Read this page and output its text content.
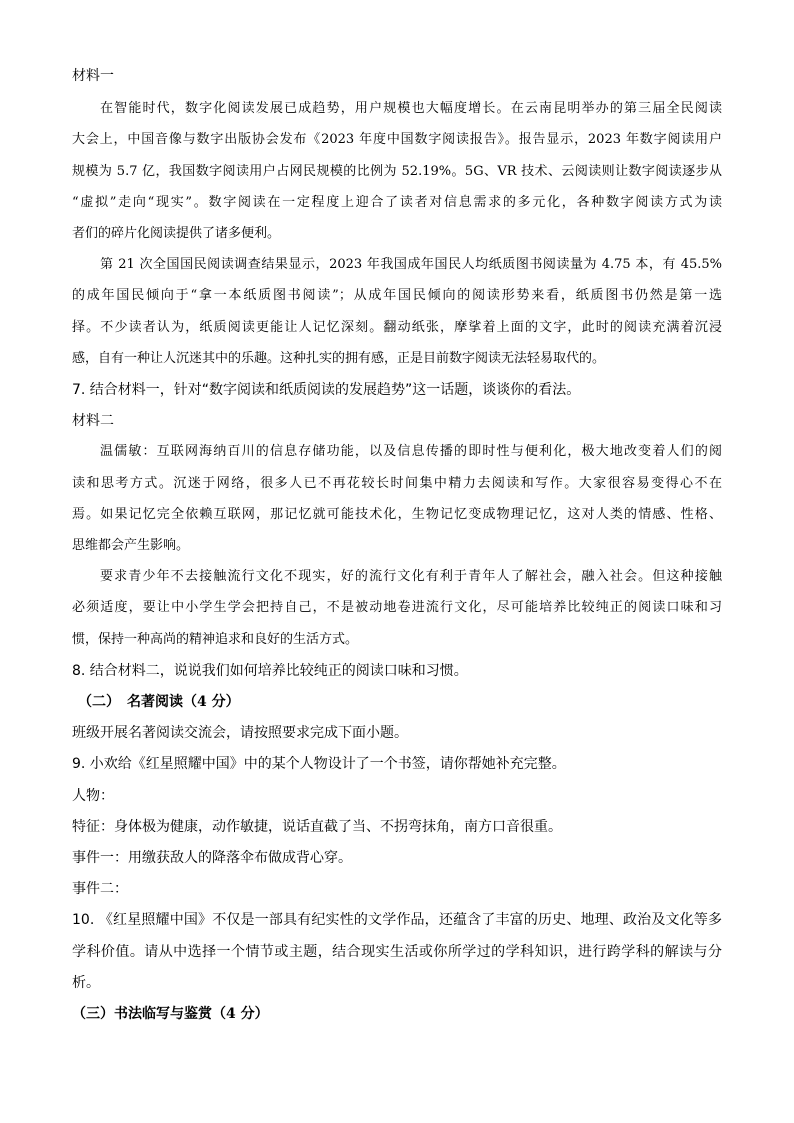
材料一
在智能时代，数字化阅读发展已成趋势，用户规模也大幅度增长。在云南昆明举办的第三届全民阅读
大会上，中国音像与数字出版协会发布《2023 年度中国数字阅读报告》。报告显示，2023 年数字阅读用户
规模为 5.7 亿，我国数字阅读用户占网民规模的比例为 52.19%。5G、VR 技术、云阅读则让数字阅读逐步从
“虚拟”走向“现实”。数字阅读在一定程度上迎合了读者对信息需求的多元化，各种数字阅读方式为读
者们的碎片化阅读提供了诸多便利。
第 21 次全国国民阅读调查结果显示，2023 年我国成年国民人均纸质图书阅读量为 4.75 本，有 45.5%
的成年国民倾向于“拿一本纸质图书阅读”；从成年国民倾向的阅读形势来看，纸质图书仍然是第一选
择。不少读者认为，纸质阅读更能让人记忆深刻。翻动纸张，摩挲着上面的文字，此时的阅读充满着沉浸
感，自有一种让人沉迷其中的乐趣。这种扎实的拥有感，正是目前数字阅读无法轻易取代的。
7. 结合材料一，针对“数字阅读和纸质阅读的发展趋势”这一话题，谈谈你的看法。
材料二
温儒敏：互联网海纳百川的信息存储功能，以及信息传播的即时性与便利化，极大地改变着人们的阅
读和思考方式。沉迷于网络，很多人已不再花较长时间集中精力去阅读和写作。大家很容易变得心不在
焉。如果记忆完全依赖互联网，那记忆就可能技术化，生物记忆变成物理记忆，这对人类的情感、性格、
思维都会产生影响。
要求青少年不去接触流行文化不现实，好的流行文化有利于青年人了解社会，融入社会。但这种接触
必须适度，要让中小学生学会把持自己，不是被动地卷进流行文化，尽可能培养比较纯正的阅读口味和习
惯，保持一种高尚的精神追求和良好的生活方式。
8. 结合材料二，说说我们如何培养比较纯正的阅读口味和习惯。
（二）　名著阅读（4 分）
班级开展名著阅读交流会，请按照要求完成下面小题。
9. 小欢给《红星照耀中国》中的某个人物设计了一个书签，请你帮她补充完整。
人物：
特征：身体极为健康，动作敏捷，说话直截了当、不拐弯抹角，南方口音很重。
事件一：用缴获敌人的降落伞布做成背心穿。
事件二：
10. 《红星照耀中国》不仅是一部具有纪实性的文学作品，还蕴含了丰富的历史、地理、政治及文化等多
学科价值。请从中选择一个情节或主题，结合现实生活或你所学过的学科知识，进行跨学科的解读与分
析。
（三）书法临写与鉴赏（4 分）
